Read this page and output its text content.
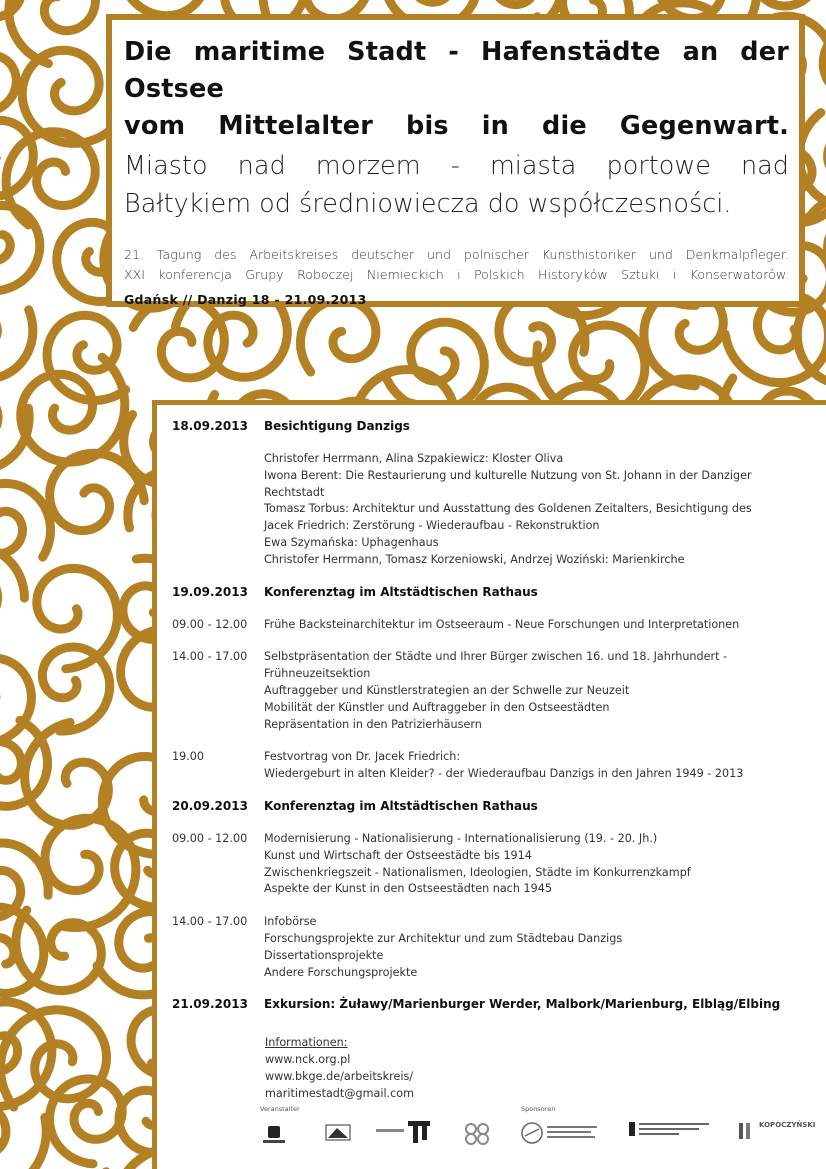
Die maritime Stadt - Hafenstädte an der Ostsee
vom Mittelalter bis in die Gegenwart.
Miasto nad morzem - miasta portowe nad
Bałtykiem od średniowiecza do współczesności.
21. Tagung des Arbeitskreises deutscher und polnischer Kunsthistoriker und Denkmalpfleger.
XXI konferencja Grupy Roboczej Niemieckich i Polskich Historyków Sztuki i Konserwatorów.
Gdańsk // Danzig 18 - 21.09.2013
18.09.2013	Besichtigung Danzigs
Christofer Herrmann, Alina Szpakiewicz: Kloster Oliva
Iwona Berent: Die Restaurierung und kulturelle Nutzung von St. Johann in der Danziger
Rechtstadt
Tomasz Torbus: Architektur und Ausstattung des Goldenen Zeitalters, Besichtigung des
Jacek Friedrich: Zerstörung - Wiederaufbau - Rekonstruktion
Ewa Szymańska: Uphagenhaus
Christofer Herrmann, Tomasz Korzeniowski, Andrzej Woziński: Marienkirche
19.09.2013	Konferenztag im Altstädtischen Rathaus
09.00 - 12.00	Frühe Backsteinarchitektur im Ostseeraum - Neue Forschungen und Interpretationen
14.00 - 17.00	Selbstpräsentation der Städte und Ihrer Bürger zwischen 16. und 18. Jahrhundert -
Frühneuzeitsektion
Auftraggeber und Künstlerstrategien an der Schwelle zur Neuzeit
Mobilität der Künstler und Auftraggeber in den Ostseestädten
Repräsentation in den Patrizierhäusern
19.00	Festvortrag von Dr. Jacek Friedrich:
Wiedergeburt in alten Kleider? - der Wiederaufbau Danzigs in den Jahren 1949 - 2013
20.09.2013	Konferenztag im Altstädtischen Rathaus
09.00 - 12.00	Modernisierung - Nationalisierung - Internationalisierung (19. - 20. Jh.)
Kunst und Wirtschaft der Ostseestädte bis 1914
Zwischenkriegszeit - Nationalismen, Ideologien, Städte im Konkurrenzkampf
Aspekte der Kunst in den Ostseestädten nach 1945
14.00 - 17.00	Infobörse
Forschungsprojekte zur Architektur und zum Städtebau Danzigs
Dissertationsprojekte
Andere Forschungsprojekte
21.09.2013	Exkursion: Żuławy/Marienburger Werder, Malbork/Marienburg, Elbląg/Elbing
Informationen:
www.nck.org.pl
www.bkge.de/arbeitskreis/
maritimestadt@gmail.com
Veranstalter	Sponsoren
KOPOCZYŃSKI
